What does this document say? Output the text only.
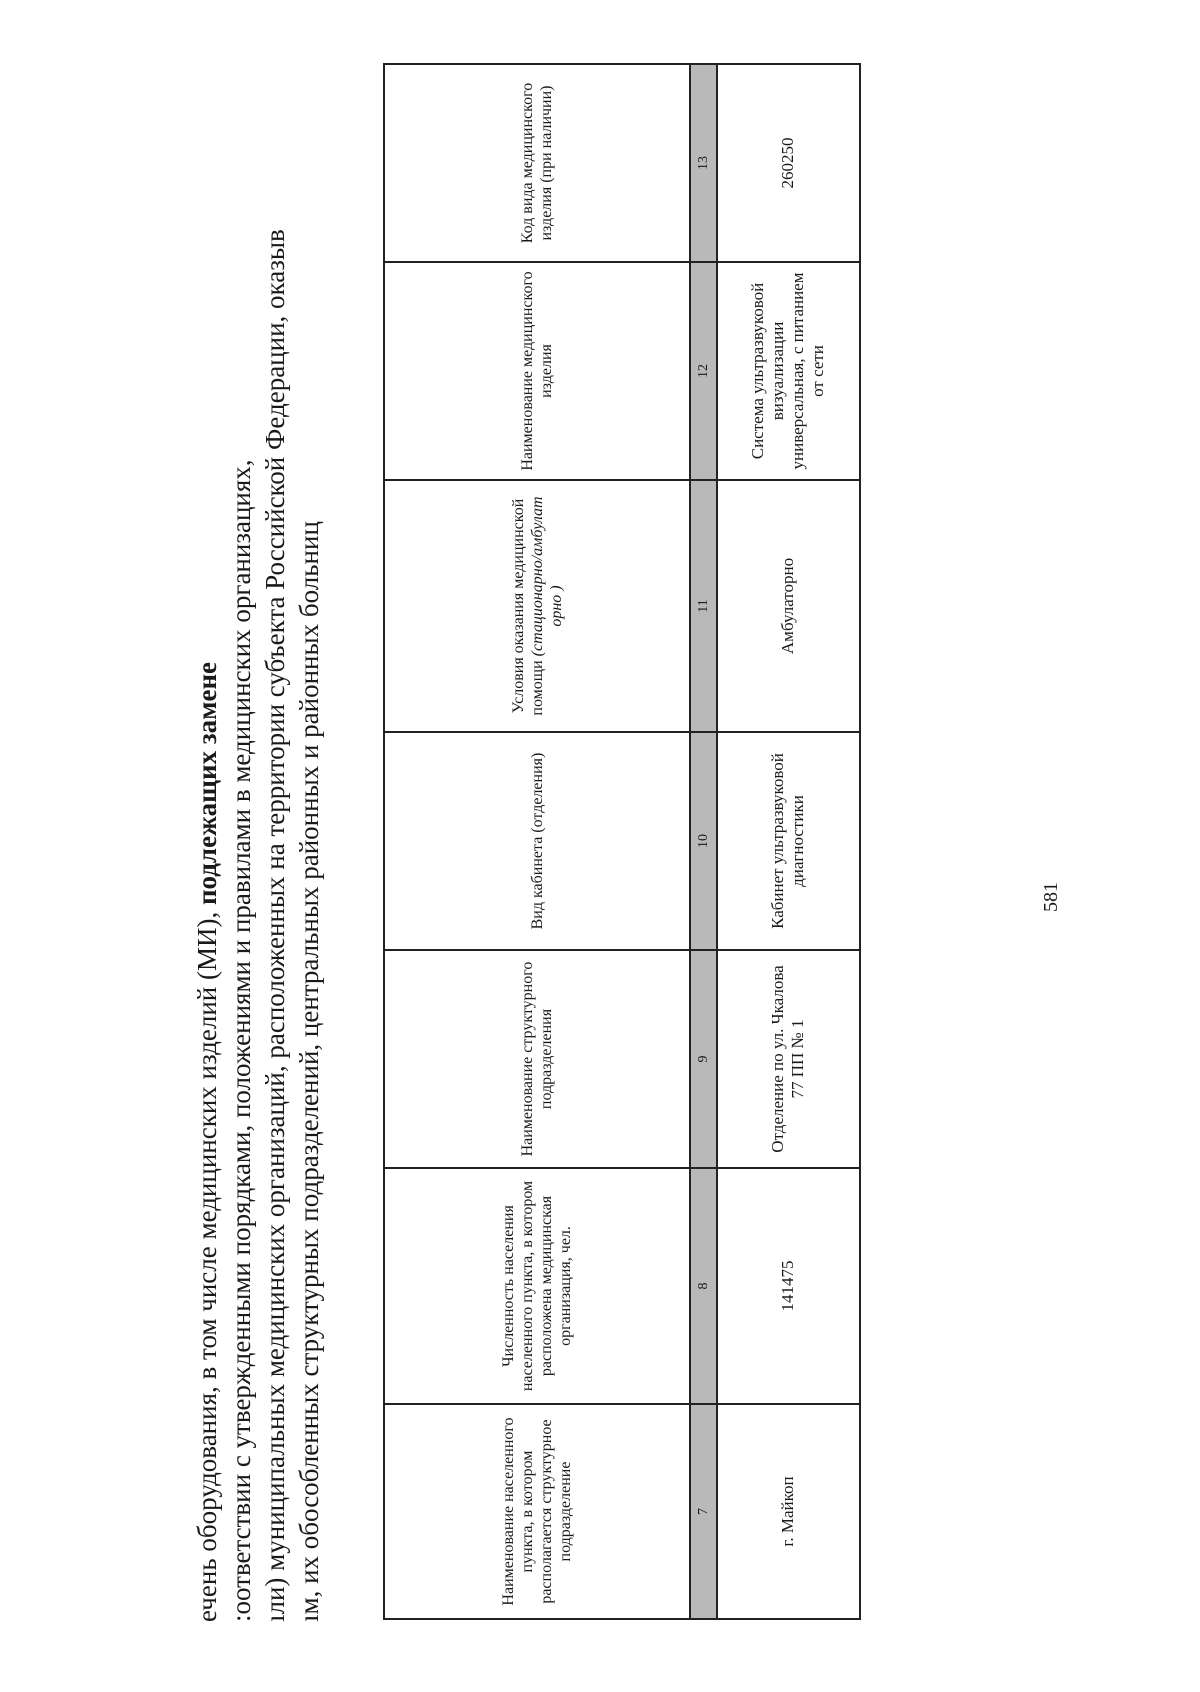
ечень оборудования, в том числе медицинских изделий (МИ), подлежащих замене :оответствии с утвержденными порядками, положениями и правилами в медицинских организациях, ıли) муниципальных медицинских организаций, расположенных на территории субъекта Российской Федерации, оказыв ıм, их обособленных структурных подразделений, центральных районных и районных больниц	Наименование населенного пункта, в котором располагается структурное подразделение	Численность населения населенного пункта, в котором расположена медицинская организация, чел.	Наименование структурного подразделения	Вид кабинета (отделения)	Условия оказания медицинской помощи (стационарно/амбулат орно )	Наименование медицинского изделия	Код вида медицинского изделия (при наличии)
7	8	9	10	11	12	13
г. Майкоп	141475	Отделение по ул. Чкалова 77 ПП № 1	Кабинет ультразвуковой диагностики	Амбулаторно	Система ультразвуковой визуализации универсальная, с питанием от сети	260250
581
